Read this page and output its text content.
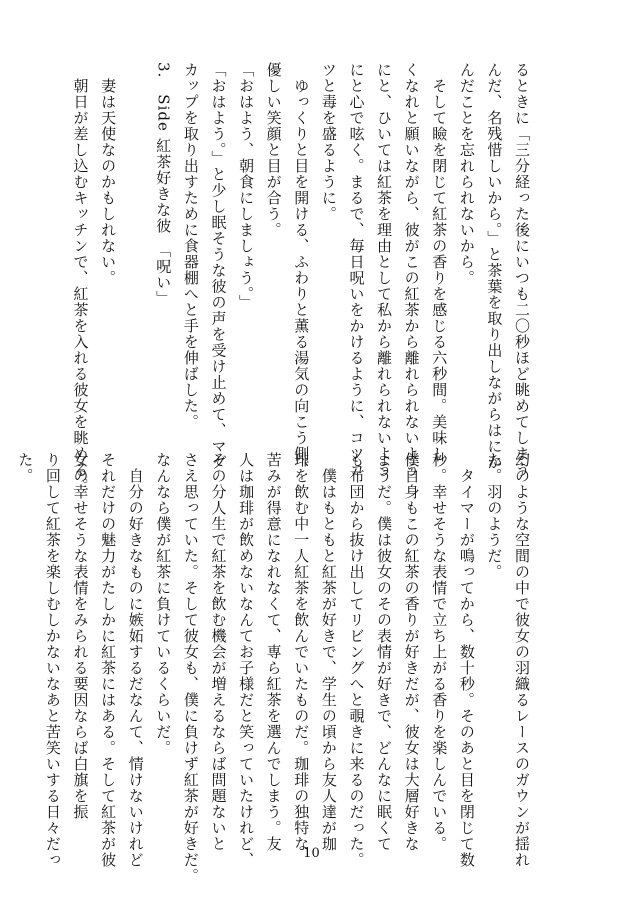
るときに「三分経った後にいつも二〇秒ほど眺めてしまう
んだ、名残惜しいから。」と茶葉を取り出しながらはにか
んだことを忘れられないから。

　そして瞼を閉じて紅茶の香りを感じる六秒間。美味し
くなれと願いながら、彼がこの紅茶から離れられないよう
にと、ひいては紅茶を理由として私から離れられないよう
にと心で呟く。まるで、毎日呪いをかけるように、コツコ
ツと毒を盛るように。

　ゆっくりと目を開ける、ふわりと薫る湯気の向こう側、
優しい笑顔と目が合う。

「おはよう、朝食にしましょう。」
「おはよう。」と少し眠そうな彼の声を受け止めて、マグ
カップを取り出すために食器棚へと手を伸ばした。

3.　Side 紅茶好きな彼　「呪い」

　妻は天使なのかもしれない。
　朝日が差し込むキッチンで、紅茶を入れる彼女を眺める。

幻のような空間の中で彼女の羽織るレースのガウンが揺れ
た。羽のようだ。

　タイマーが鳴ってから、数十秒。そのあと目を閉じて数
秒。幸せそうな表情で立ち上がる香りを楽しんでいる。
僕自身もこの紅茶の香りが好きだが、彼女は大層好きな
ようだ。僕は彼女のその表情が好きで、どんなに眠くて
も布団から抜け出してリビングへと覗きに来るのだった。

　僕はもともと紅茶が好きで、学生の頃から友人達が珈
琲を飲む中一人紅茶を飲んでいたものだ。珈琲の独特な
苦みが得意になれなくて、専ら紅茶を選んでしまう。友
人は珈琲が飲めないなんてお子様だと笑っていたけれど、
その分人生で紅茶を飲む機会が増えるならば問題ないと
さえ思っていた。そして彼女も、僕に負けず紅茶が好きだ。
なんなら僕が紅茶に負けているくらいだ。

　自分の好きなものに嫉妬するだなんて、情けないけれど
それだけの魅力がたしかに紅茶にはある。そして紅茶が彼
女の幸せそうな表情をみられる要因ならば白旗を振
り回して紅茶を楽しむしかないなあと苦笑いする日々だっ
た。

10
